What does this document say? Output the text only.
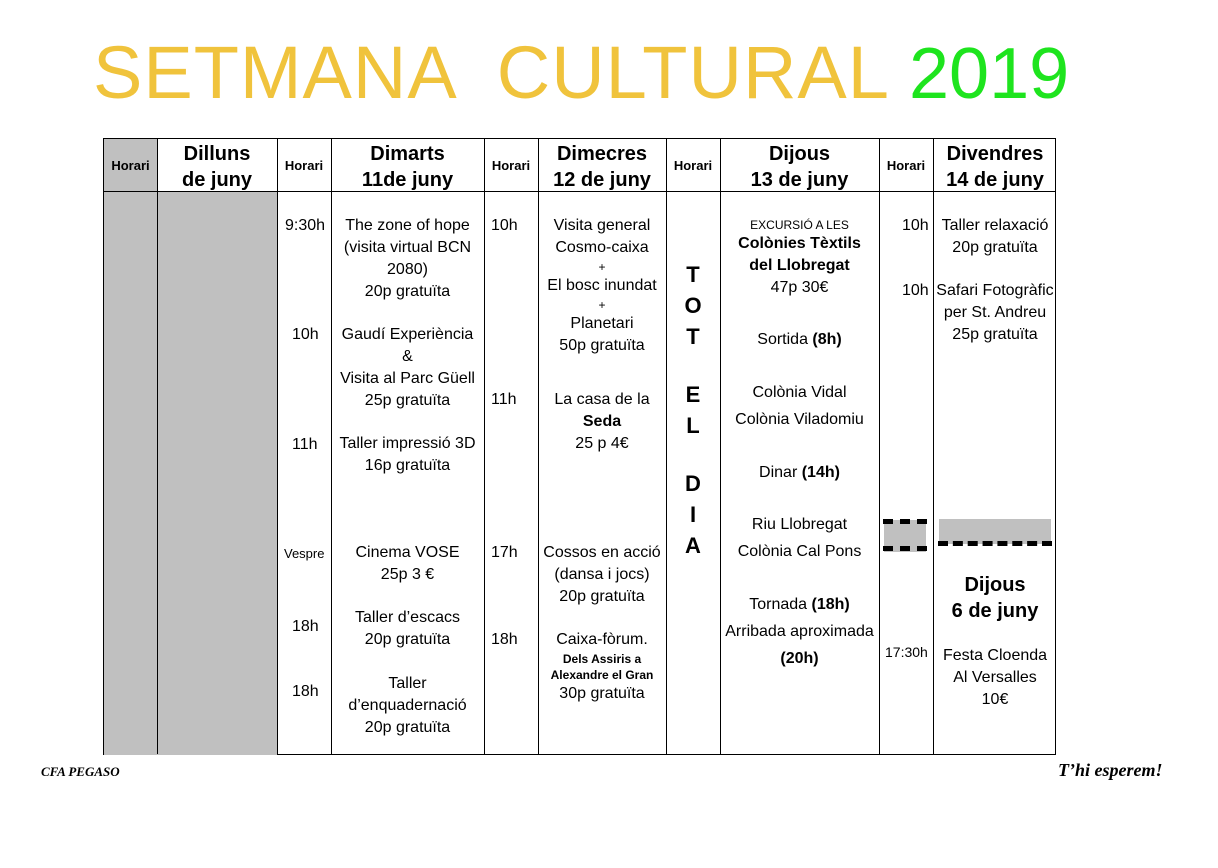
SETMANA  CULTURAL 2019
Horari
Dilluns
de juny
Horari
Dimarts
11de juny
Horari
Dimecres
12 de juny
Horari
Dijous
13 de juny
Horari
Divendres
14 de juny
9:30h
10h
11h
Vespre
18h
18h
The zone of hope
(visita virtual BCN
2080)
20p gratuïta
Gaudí Experiència
&
Visita al Parc Güell
25p gratuïta
Taller impressió 3D
16p gratuïta
Cinema VOSE
25p 3 €
Taller d’escacs
20p gratuïta
Taller
d’enquadernació
20p gratuïta
10h
11h
17h
18h
Visita general
Cosmo-caixa
+
El bosc inundat
+
Planetari
50p gratuïta
La casa de la
Seda
25 p 4€
Cossos en acció
(dansa i jocs)
20p gratuïta
Caixa-fòrum.
Dels Assiris a
Alexandre el Gran
30p gratuïta
T
O
T
E
L
D
I
A
EXCURSIÓ A LES
Colònies Tèxtils
del Llobregat
47p 30€
Sortida (8h)
Colònia Vidal
Colònia Viladomiu
Dinar (14h)
Riu Llobregat
Colònia Cal Pons
Tornada (18h)
Arribada aproximada
(20h)
10h
10h
17:30h
Taller relaxació
20p gratuïta
Safari Fotogràfic
per St. Andreu
25p gratuïta
Dijous
6 de juny
Festa Cloenda
Al Versalles
10€
CFA PEGASO	T’hi esperem!
